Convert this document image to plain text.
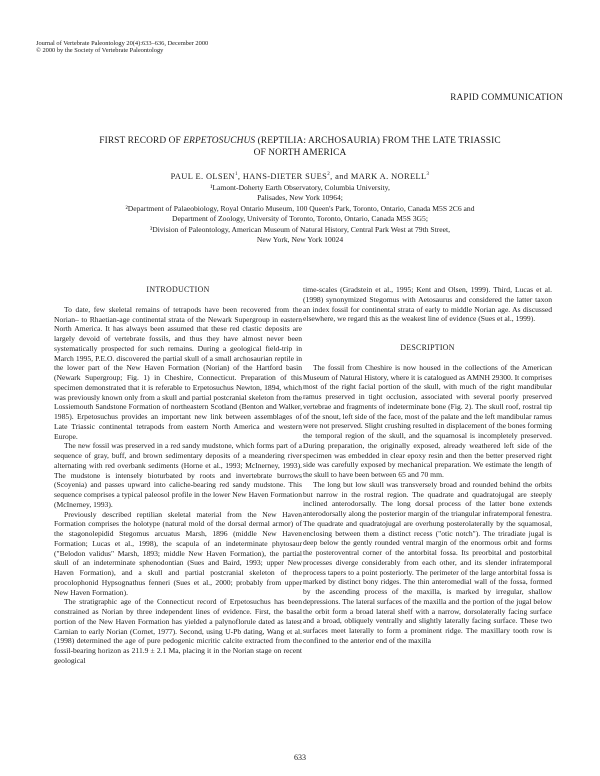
Journal of Vertebrate Paleontology 20(4):633–636, December 2000
© 2000 by the Society of Vertebrate Paleontology
RAPID COMMUNICATION
FIRST RECORD OF ERPETOSUCHUS (REPTILIA: ARCHOSAURIA) FROM THE LATE TRIASSIC
OF NORTH AMERICA
PAUL E. OLSEN$^1$, HANS-DIETER SUES$^2$, and MARK A. NORELL$^3$

¹Lamont-Doherty Earth Observatory, Columbia University,

Palisades, New York 10964;

²Department of Palaeobiology, Royal Ontario Museum, 100 Queen's Park, Toronto, Ontario, Canada M5S 2C6 and

Department of Zoology, University of Toronto, Toronto, Ontario, Canada M5S 3G5;

³Division of Paleontology, American Museum of Natural History, Central Park West at 79th Street,

New York, New York 10024

INTRODUCTION

To date, few skeletal remains of tetrapods have been recovered from the Norian– to Rhaetian-age continental strata of the Newark Supergroup in eastern North America. It has always been assumed that these red clastic deposits are largely devoid of vertebrate fossils, and thus they have almost never been systematically prospected for such remains. During a geological field-trip in March 1995, P.E.O. discovered the partial skull of a small archosaurian reptile in the lower part of the New Haven Formation (Norian) of the Hartford basin (Newark Supergroup; Fig. 1) in Cheshire, Connecticut. Preparation of this specimen demonstrated that it is referable to Erpetosuchus Newton, 1894, which was previously known only from a skull and partial postcranial skeleton from the Lossiemouth Sandstone Formation of northeastern Scotland (Benton and Walker, 1985). Erpetosuchus provides an important new link between assemblages of Late Triassic continental tetrapods from eastern North America and western Europe.

The new fossil was preserved in a red sandy mudstone, which forms part of a sequence of gray, buff, and brown sedimentary deposits of a meandering river alternating with red overbank sediments (Horne et al., 1993; McInerney, 1993). The mudstone is intensely bioturbated by roots and invertebrate burrows (Scoyenia) and passes upward into caliche-bearing red sandy mudstone. This sequence comprises a typical paleosol profile in the lower New Haven Formation (McInerney, 1993).

Previously described reptilian skeletal material from the New Haven Formation comprises the holotype (natural mold of the dorsal dermal armor) of the stagonolepidid Stegomus arcuatus Marsh, 1896 (middle New Haven Formation; Lucas et al., 1998), the scapula of an indeterminate phytosaur ("Belodon validus" Marsh, 1893; middle New Haven Formation), the partial skull of an indeterminate sphenodontian (Sues and Baird, 1993; upper New Haven Formation), and a skull and partial postcranial skeleton of the procolophonid Hypsognathus fenneri (Sues et al., 2000; probably from upper New Haven Formation).

The stratigraphic age of the Connecticut record of Erpetosuchus has been constrained as Norian by three independent lines of evidence. First, the basal portion of the New Haven Formation has yielded a palynoflorule dated as latest Carnian to early Norian (Cornet, 1977). Second, using U-Pb dating, Wang et al. (1998) determined the age of pure pedogenic micritic calcite extracted from the fossil-bearing horizon as 211.9 ± 2.1 Ma, placing it in the Norian stage on recent geological

time-scales (Gradstein et al., 1995; Kent and Olsen, 1999). Third, Lucas et al. (1998) synonymized Stegomus with Aetosaurus and considered the latter taxon an index fossil for continental strata of early to middle Norian age. As discussed elsewhere, we regard this as the weakest line of evidence (Sues et al., 1999).

DESCRIPTION

The fossil from Cheshire is now housed in the collections of the American Museum of Natural History, where it is catalogued as AMNH 29300. It comprises most of the right facial portion of the skull, with much of the right mandibular ramus preserved in tight occlusion, associated with several poorly preserved vertebrae and fragments of indeterminate bone (Fig. 2). The skull roof, rostral tip of the snout, left side of the face, most of the palate and the left mandibular ramus were not preserved. Slight crushing resulted in displacement of the bones forming the temporal region of the skull, and the squamosal is incompletely preserved. During preparation, the originally exposed, already weathered left side of the specimen was embedded in clear epoxy resin and then the better preserved right side was carefully exposed by mechanical preparation. We estimate the length of the skull to have been between 65 and 70 mm.

The long but low skull was transversely broad and rounded behind the orbits but narrow in the rostral region. The quadrate and quadratojugal are steeply inclined anterodorsally. The long dorsal process of the latter bone extends anterodorsally along the posterior margin of the triangular infratemporal fenestra. The quadrate and quadratojugal are overhung posterolaterally by the squamosal, enclosing between them a distinct recess ("otic notch"). The triradiate jugal is deep below the gently rounded ventral margin of the enormous orbit and forms the posteroventral corner of the antorbital fossa. Its preorbital and postorbital processes diverge considerably from each other, and its slender infratemporal process tapers to a point posteriorly. The perimeter of the large antorbital fossa is marked by distinct bony ridges. The thin anteromedial wall of the fossa, formed by the ascending process of the maxilla, is marked by irregular, shallow depressions. The lateral surfaces of the maxilla and the portion of the jugal below the orbit form a broad lateral shelf with a narrow, dorsolaterally facing surface and a broad, obliquely ventrally and slightly laterally facing surface. These two surfaces meet laterally to form a prominent ridge. The maxillary tooth row is confined to the anterior end of the maxilla

633
